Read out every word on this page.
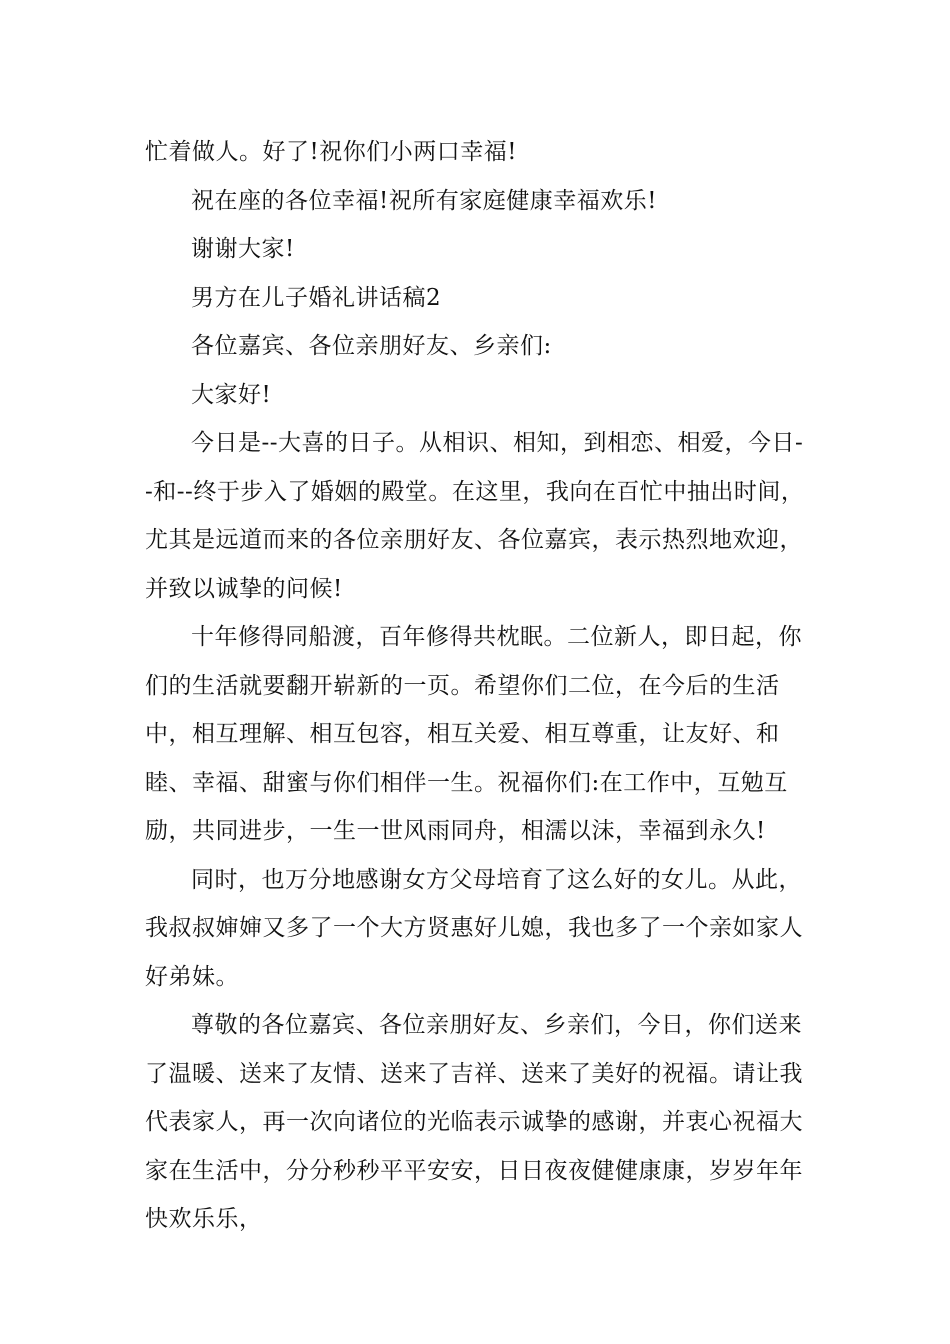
忙着做人。好了!祝你们小两口幸福!

祝在座的各位幸福!祝所有家庭健康幸福欢乐!

谢谢大家!

男方在儿子婚礼讲话稿2

各位嘉宾、各位亲朋好友、乡亲们:

大家好!

今日是--大喜的日子。从相识、相知，到相恋、相爱，今日--和--终于步入了婚姻的殿堂。在这里，我向在百忙中抽出时间，尤其是远道而来的各位亲朋好友、各位嘉宾，表示热烈地欢迎，并致以诚挚的问候!

十年修得同船渡，百年修得共枕眠。二位新人，即日起，你们的生活就要翻开崭新的一页。希望你们二位，在今后的生活中，相互理解、相互包容，相互关爱、相互尊重，让友好、和睦、幸福、甜蜜与你们相伴一生。祝福你们:在工作中，互勉互励，共同进步，一生一世风雨同舟，相濡以沫，幸福到永久!

同时，也万分地感谢女方父母培育了这么好的女儿。从此，我叔叔婶婶又多了一个大方贤惠好儿媳，我也多了一个亲如家人好弟妹。

尊敬的各位嘉宾、各位亲朋好友、乡亲们，今日，你们送来了温暖、送来了友情、送来了吉祥、送来了美好的祝福。请让我代表家人，再一次向诸位的光临表示诚挚的感谢，并衷心祝福大家在生活中，分分秒秒平平安安，日日夜夜健健康康，岁岁年年快欢乐乐，
